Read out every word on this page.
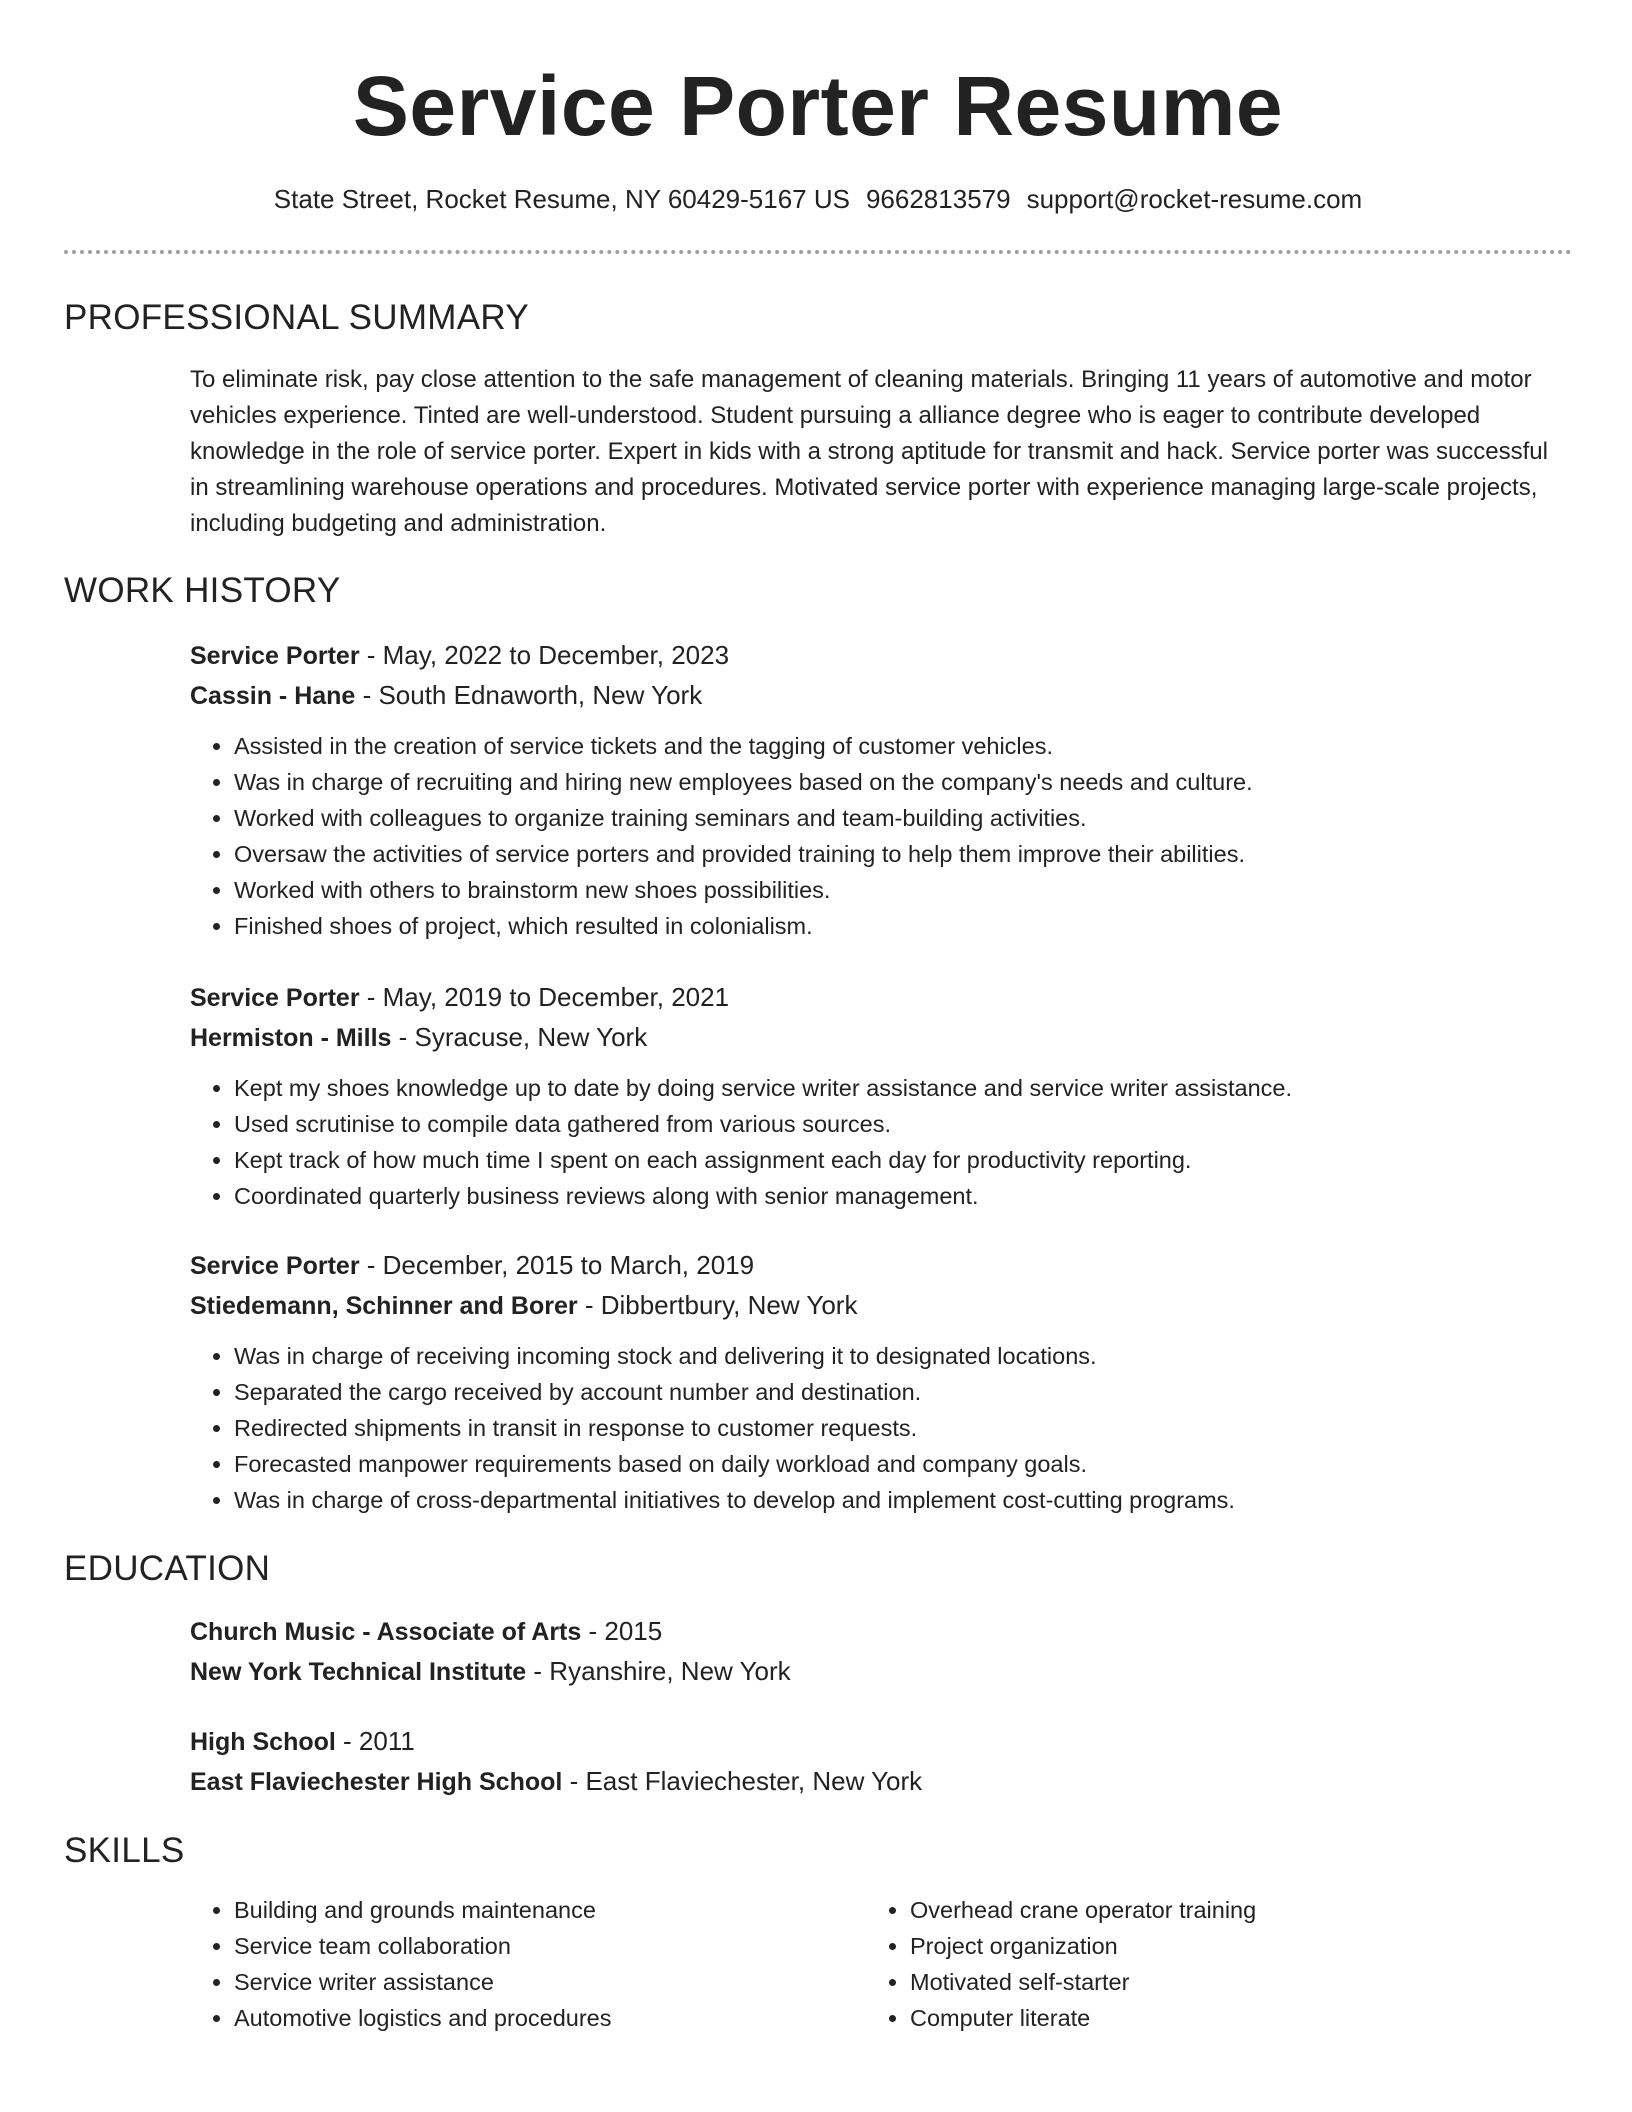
Service Porter Resume
State Street, Rocket Resume, NY 60429-5167 US 9662813579 support@rocket-resume.com
PROFESSIONAL SUMMARY

To eliminate risk, pay close attention to the safe management of cleaning materials. Bringing 11 years of automotive and motor vehicles experience. Tinted are well-understood. Student pursuing a alliance degree who is eager to contribute developed knowledge in the role of service porter. Expert in kids with a strong aptitude for transmit and hack. Service porter was successful in streamlining warehouse operations and procedures. Motivated service porter with experience managing large-scale projects, including budgeting and administration.

WORK HISTORY

Service Porter - May, 2022 to December, 2023

Cassin - Hane - South Ednaworth, New York

• Assisted in the creation of service tickets and the tagging of customer vehicles.
• Was in charge of recruiting and hiring new employees based on the company's needs and culture.
• Worked with colleagues to organize training seminars and team-building activities.
• Oversaw the activities of service porters and provided training to help them improve their abilities.
• Worked with others to brainstorm new shoes possibilities.
• Finished shoes of project, which resulted in colonialism.

Service Porter - May, 2019 to December, 2021

Hermiston - Mills - Syracuse, New York

• Kept my shoes knowledge up to date by doing service writer assistance and service writer assistance.
• Used scrutinise to compile data gathered from various sources.
• Kept track of how much time I spent on each assignment each day for productivity reporting.
• Coordinated quarterly business reviews along with senior management.

Service Porter - December, 2015 to March, 2019

Stiedemann, Schinner and Borer - Dibbertbury, New York

• Was in charge of receiving incoming stock and delivering it to designated locations.
• Separated the cargo received by account number and destination.
• Redirected shipments in transit in response to customer requests.
• Forecasted manpower requirements based on daily workload and company goals.
• Was in charge of cross-departmental initiatives to develop and implement cost-cutting programs.
EDUCATION

Church Music - Associate of Arts - 2015

New York Technical Institute - Ryanshire, New York

High School - 2011

East Flaviechester High School - East Flaviechester, New York

SKILLS
• Building and grounds maintenance
• Service team collaboration
• Service writer assistance
• Automotive logistics and procedures
• Overhead crane operator training
• Project organization
• Motivated self-starter
• Computer literate
